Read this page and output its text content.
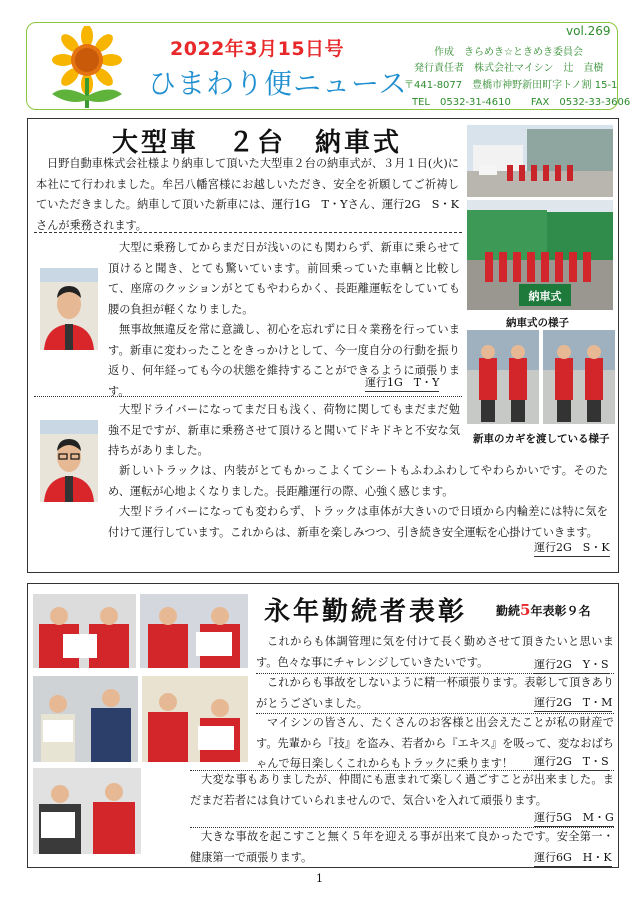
2022年3月15日号
ひまわり便ニュース
vol.269
作成　きらめき☆ときめき委員会
発行責任者　株式会社マイシン　辻　直樹
〒441-8077　豊橋市神野新田町字トノ割 15-1
TEL　0532-31-4610　　FAX　0532-33-3606
大型車　２台　納車式
日野自動車株式会社様より納車して頂いた大型車２台の納車式が、３月１日(火)に本社にて行われました。牟呂八幡宮様にお越しいただき、安全を祈願してご祈祷していただきました。納車して頂いた新車には、運行1G　T・Yさん、運行2G　S・Kさんが乗務されます。
大型に乗務してからまだ日が浅いのにも関わらず、新車に乗らせて頂けると聞き、とても驚いています。前回乗っていた車輌と比較して、座席のクッションがとてもやわらかく、長距離運転をしていても腰の負担が軽くなりました。
無事故無違反を常に意識し、初心を忘れずに日々業務を行っています。新車に変わったことをきっかけとして、今一度自分の行動を振り返り、何年経っても今の状態を維持することができるように頑張ります。
運行1G　T・Y
大型ドライバーになってまだ日も浅く、荷物に関してもまだまだ勉強不足ですが、新車に乗務させて頂けると聞いてドキドキと不安な気持ちがありました。
新しいトラックは、内装がとてもかっこよくてシートもふわふわしてやわらかいです。そのため、運転が心地よくなりました。長距離運行の際、心強く感じます。
大型ドライバーになっても変わらず、トラックは車体が大きいので日頃から内輪差には特に気を付けて運行しています。これからは、新車を楽しみつつ、引き続き安全運転を心掛けていきます。
運行2G　S・K
納車式
納車式の様子
新車のカギを渡している様子
永年勤続者表彰 勤続5年表彰９名
これからも体調管理に気を付けて長く勤めさせて頂きたいと思います。色々な事にチャレンジしていきたいです。	運行2G　Y・S
これからも事故をしないように精一杯頑張ります。表彰して頂きありがとうございました。	運行2G　T・M
マイシンの皆さん、たくさんのお客様と出会えたことが私の財産です。先輩から『技』を盗み、若者から『エキス』を吸って、変なおばちゃんで毎日楽しくこれからもトラックに乗ります！	運行2G　T・S
大変な事もありましたが、仲間にも恵まれて楽しく過ごすことが出来ました。まだまだ若者には負けていられませんので、気合いを入れて頑張ります。
運行5G　M・G
大きな事故を起こすこと無く５年を迎える事が出来て良かったです。安全第一・健康第一で頑張ります。	運行6G　H・K
1
